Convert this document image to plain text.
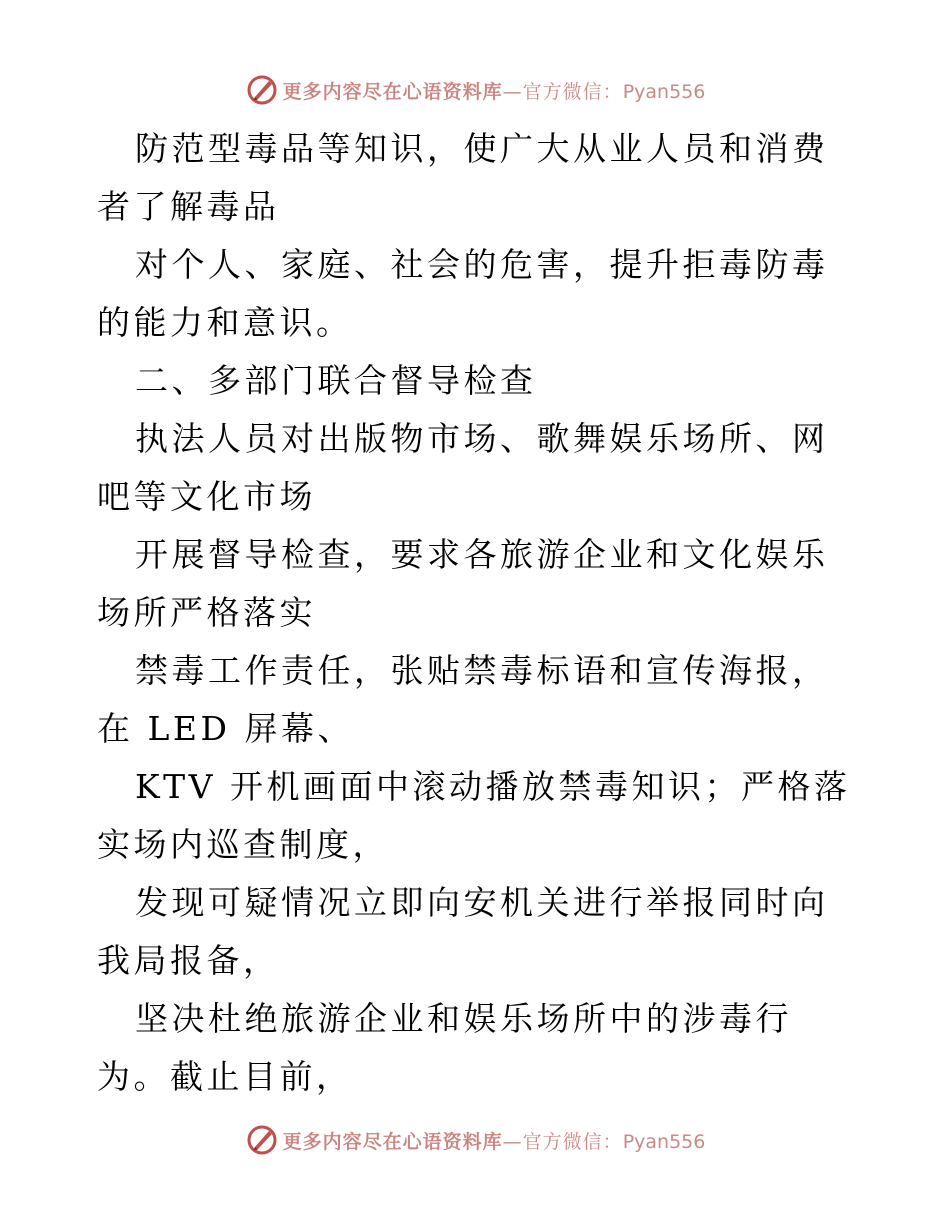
更多内容尽在心语资料库—官方微信：Pyan556

防范型毒品等知识，使广大从业人员和消费者了解毒品

对个人、家庭、社会的危害，提升拒毒防毒的能力和意识。

二、多部门联合督导检查

执法人员对出版物市场、歌舞娱乐场所、网吧等文化市场

开展督导检查，要求各旅游企业和文化娱乐场所严格落实

禁毒工作责任，张贴禁毒标语和宣传海报，在 LED 屏幕、

KTV 开机画面中滚动播放禁毒知识；严格落实场内巡查制度，

发现可疑情况立即向安机关进行举报同时向我局报备，

坚决杜绝旅游企业和娱乐场所中的涉毒行为。截止目前，

更多内容尽在心语资料库—官方微信：Pyan556
